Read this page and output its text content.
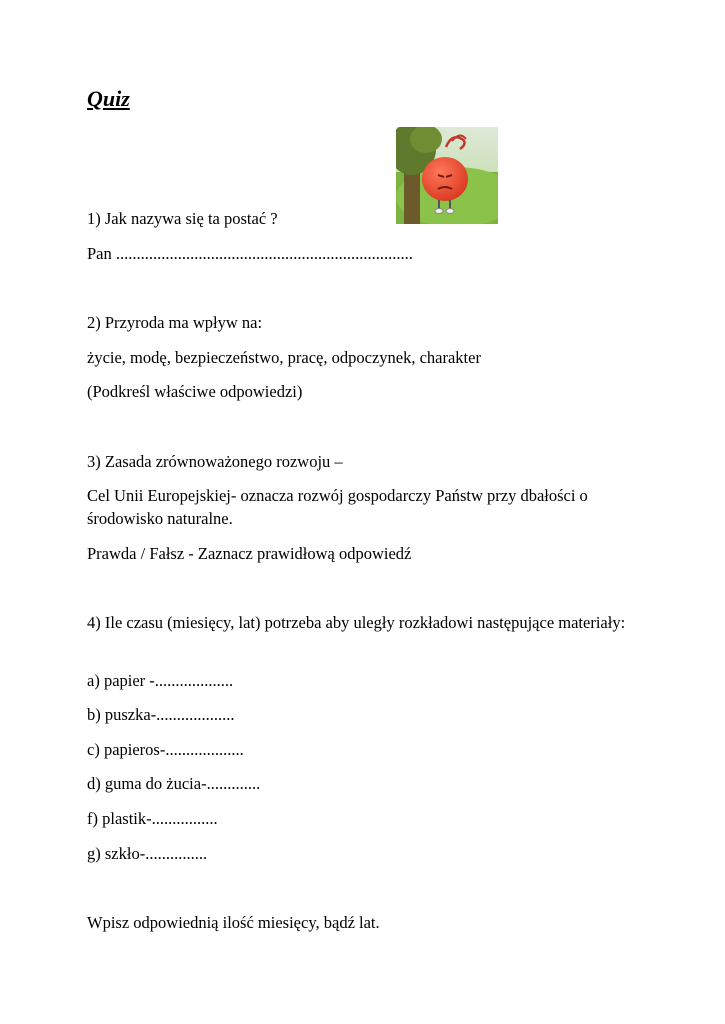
Quiz

1) Jak nazywa się ta postać ?

Pan ........................................................................

2) Przyroda ma wpływ na:

życie, modę, bezpieczeństwo, pracę, odpoczynek, charakter

(Podkreśl właściwe odpowiedzi)

3) Zasada zrównoważonego rozwoju –

Cel Unii Europejskiej- oznacza rozwój gospodarczy Państw przy dbałości o środowisko naturalne.

Prawda / Fałsz - Zaznacz prawidłową odpowiedź

4) Ile czasu (miesięcy, lat) potrzeba aby uległy rozkładowi następujące materiały:

a) papier -...................

b) puszka-...................

c) papieros-...................

d) guma do żucia-.............

f) plastik-................

g) szkło-...............

Wpisz odpowiednią ilość miesięcy, bądź lat.
